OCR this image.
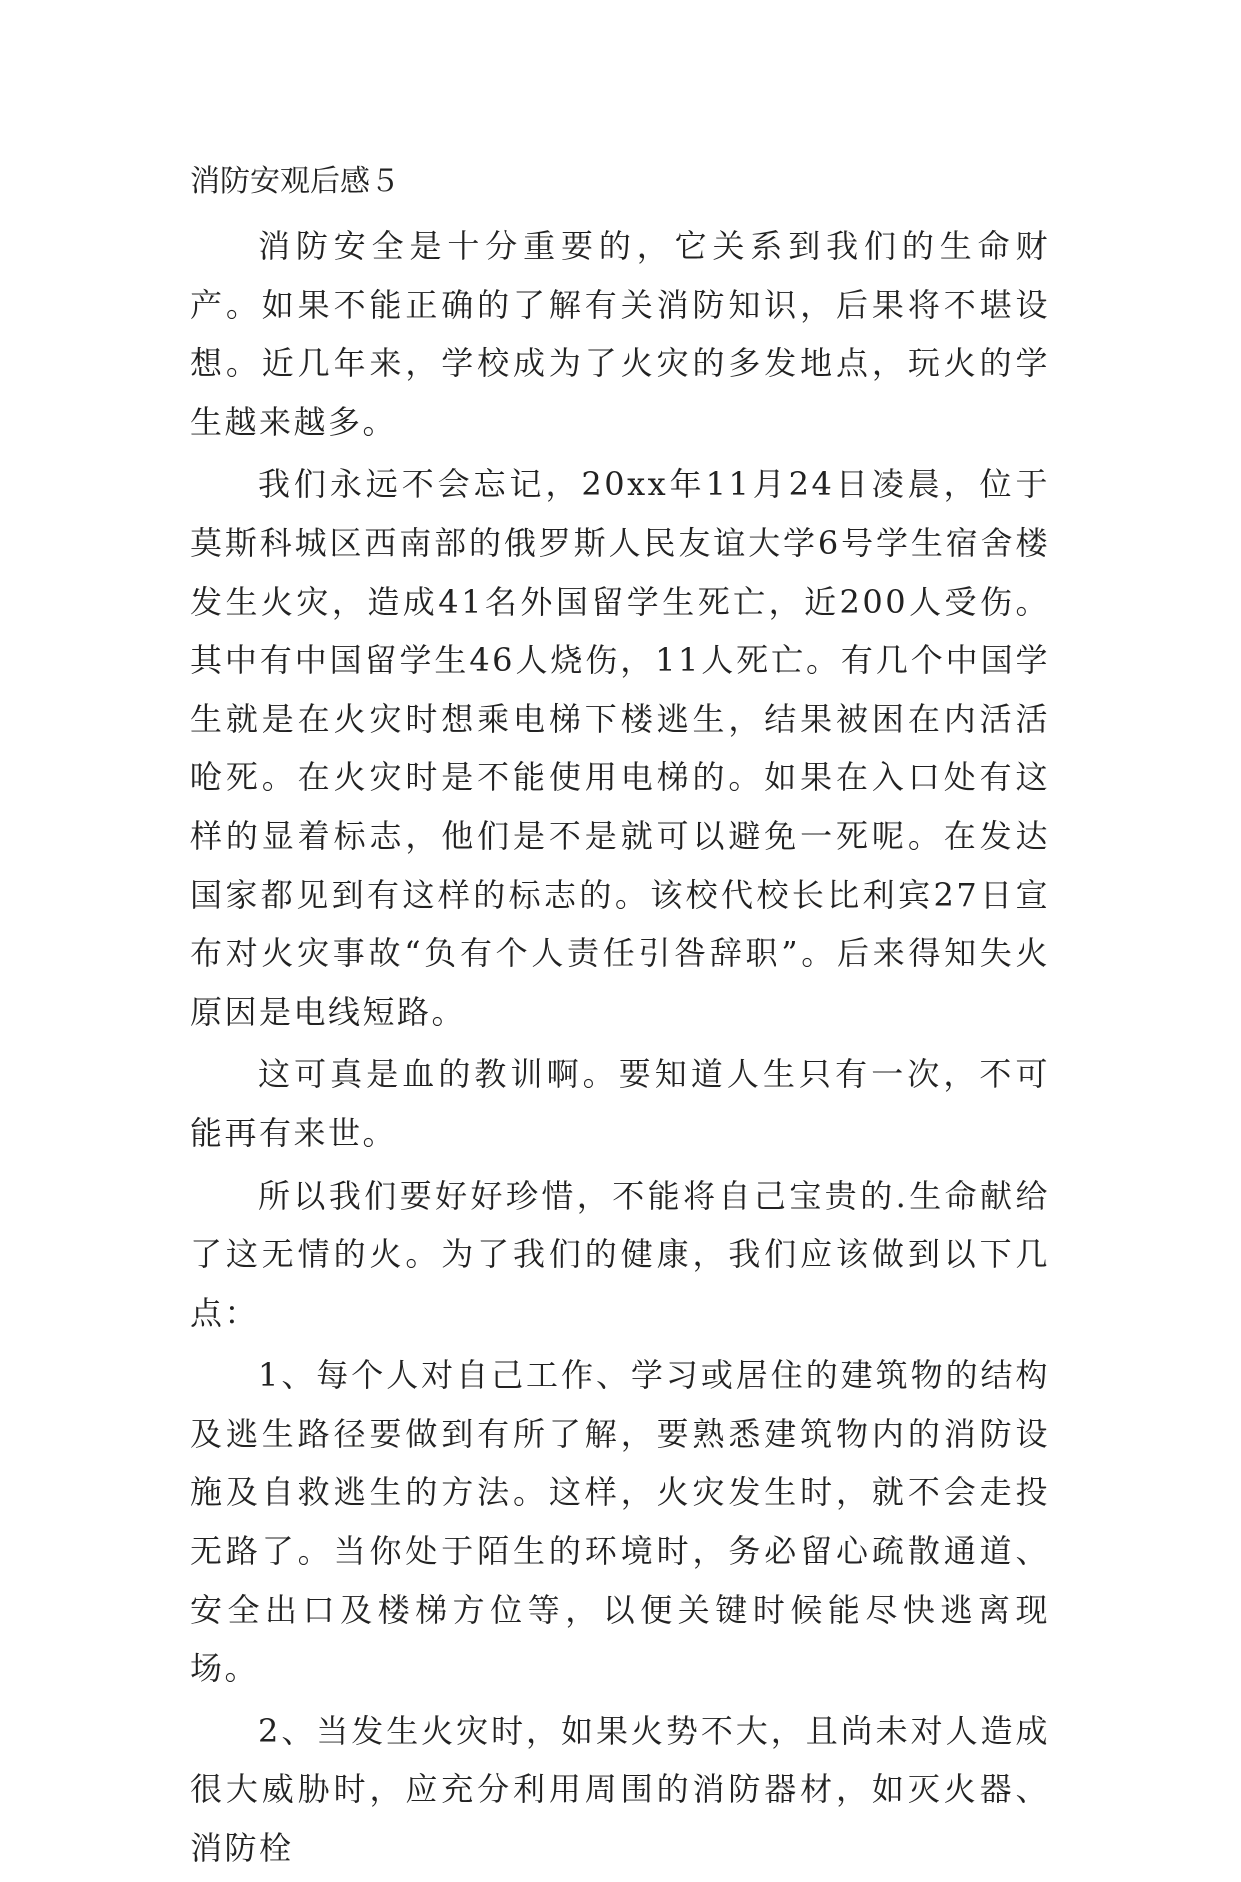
消防安观后感５

消防安全是十分重要的，它关系到我们的生命财产。如果不能正确的了解有关消防知识，后果将不堪设想。近几年来，学校成为了火灾的多发地点，玩火的学生越来越多。

我们永远不会忘记，20xx年11月24日凌晨，位于莫斯科城区西南部的俄罗斯人民友谊大学6号学生宿舍楼发生火灾，造成41名外国留学生死亡，近200人受伤。其中有中国留学生46人烧伤，11人死亡。有几个中国学生就是在火灾时想乘电梯下楼逃生，结果被困在内活活呛死。在火灾时是不能使用电梯的。如果在入口处有这样的显着标志，他们是不是就可以避免一死呢。在发达国家都见到有这样的标志的。该校代校长比利宾27日宣布对火灾事故“负有个人责任引咎辞职”。后来得知失火原因是电线短路。

这可真是血的教训啊。要知道人生只有一次，不可能再有来世。

所以我们要好好珍惜，不能将自己宝贵的.生命献给了这无情的火。为了我们的健康，我们应该做到以下几点：

1、每个人对自己工作、学习或居住的建筑物的结构及逃生路径要做到有所了解，要熟悉建筑物内的消防设施及自救逃生的方法。这样，火灾发生时，就不会走投无路了。当你处于陌生的环境时，务必留心疏散通道、安全出口及楼梯方位等，以便关键时候能尽快逃离现场。

2、当发生火灾时，如果火势不大，且尚未对人造成很大威胁时，应充分利用周围的消防器材，如灭火器、消防栓
